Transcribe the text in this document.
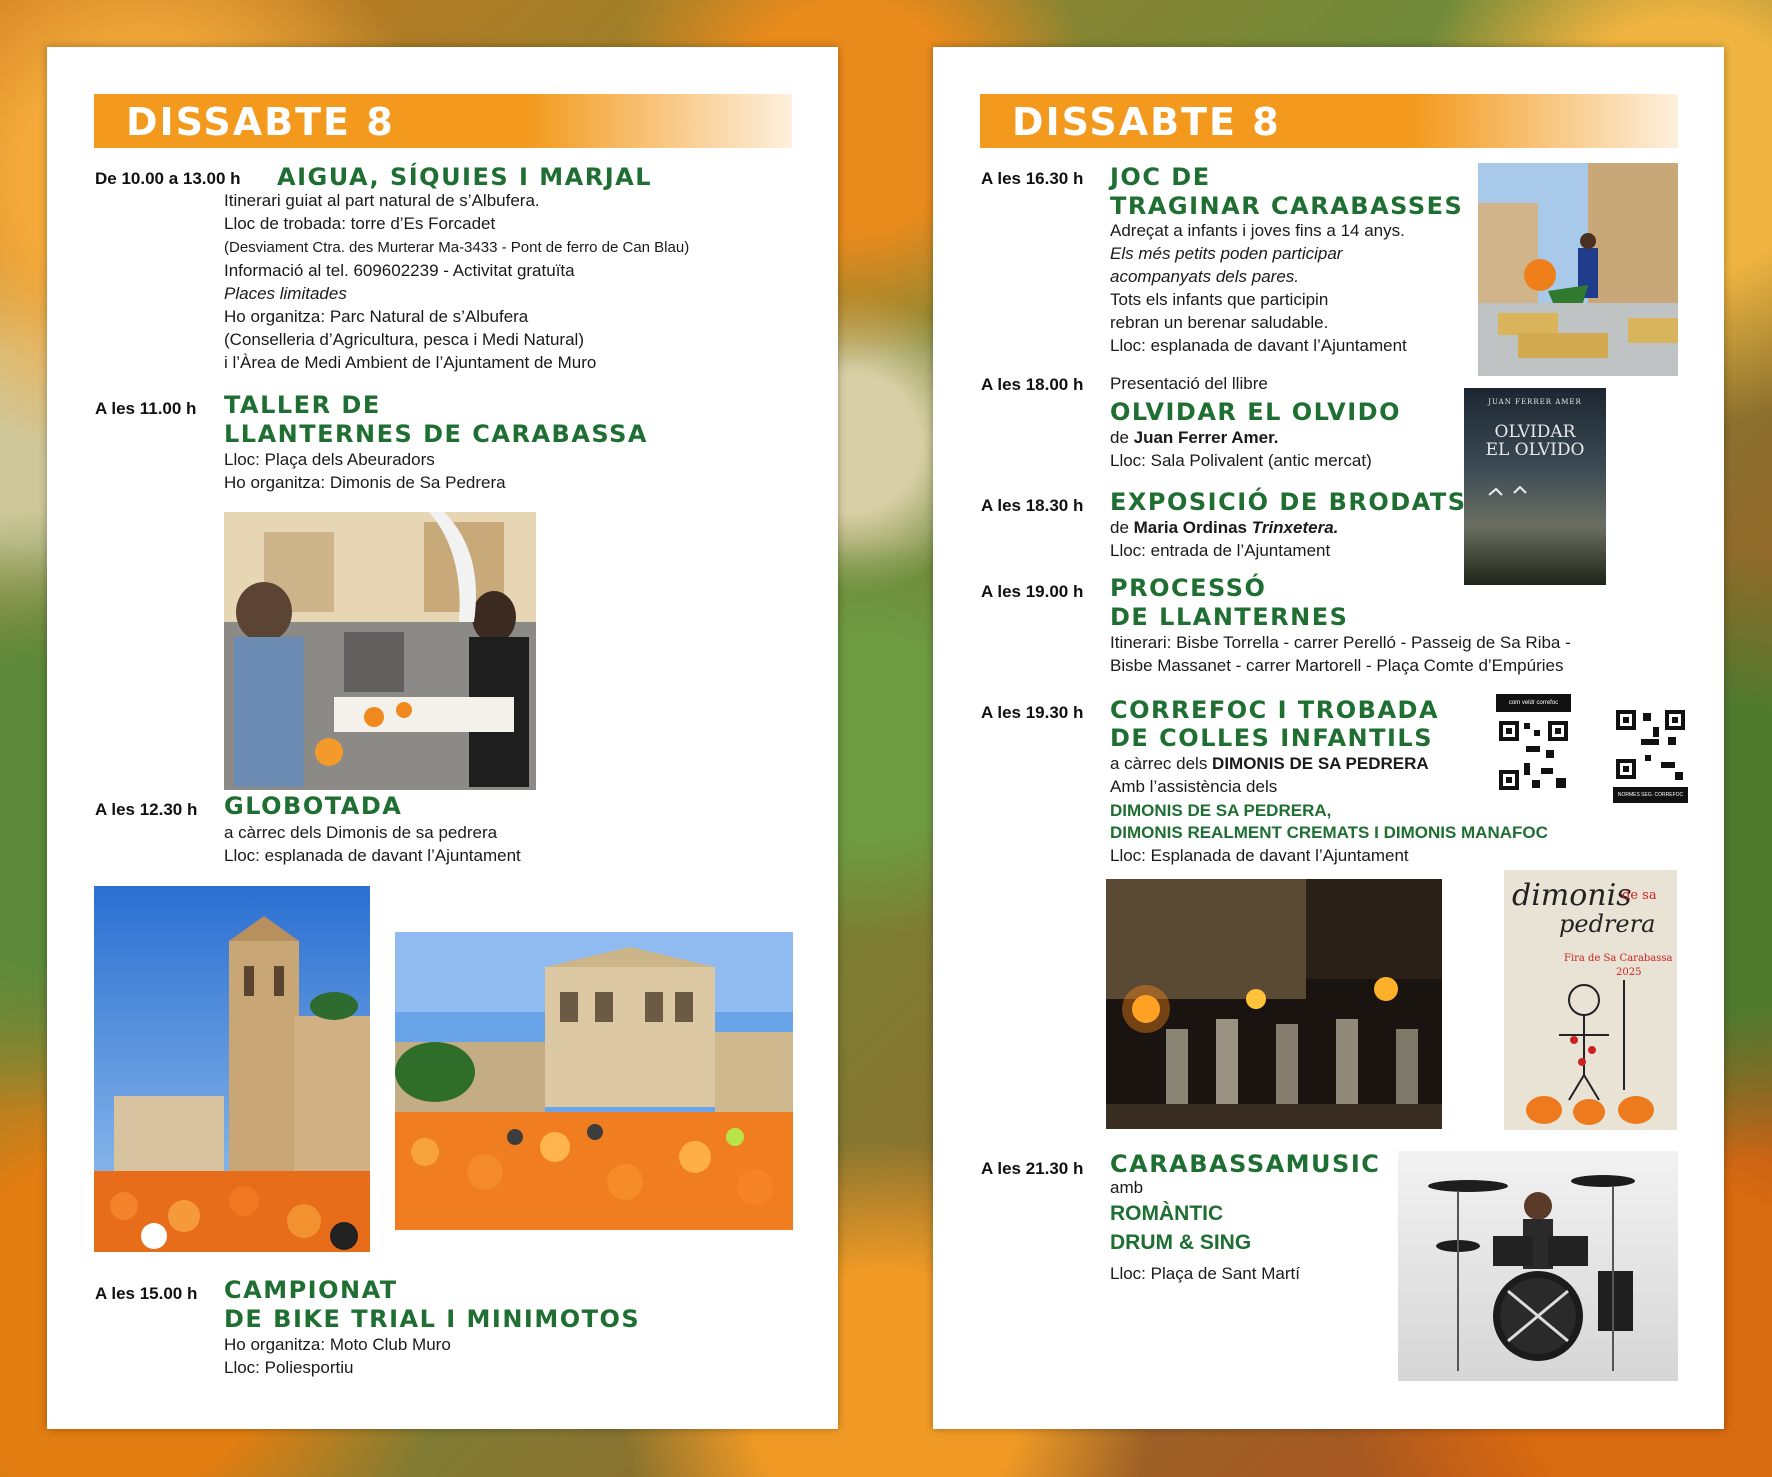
DISSABTE 8
De 10.00 a 13.00 h AIGUA, SÍQUIES I MARJAL
Itinerari guiat al part natural de s’Albufera.
Lloc de trobada: torre d’Es Forcadet
(Desviament Ctra. des Murterar Ma-3433 - Pont de ferro de Can Blau)
Informació al tel. 609602239 - Activitat gratuïta
Places limitades
Ho organitza: Parc Natural de s’Albufera
(Conselleria d’Agricultura, pesca i Medi Natural)
i l’Àrea de Medi Ambient de l’Ajuntament de Muro
A les 11.00 h TALLER DE
LLANTERNES DE CARABASSA
Lloc: Plaça dels Abeuradors
Ho organitza: Dimonis de Sa Pedrera
A les 12.30 h GLOBOTADA
a càrrec dels Dimonis de sa pedrera
Lloc: esplanada de davant l’Ajuntament
A les 15.00 h CAMPIONAT
DE BIKE TRIAL I MINIMOTOS
Ho organitza: Moto Club Muro
Lloc: Poliesportiu
DISSABTE 8
A les 16.30 h JOC DE
TRAGINAR CARABASSES
Adreçat a infants i joves fins a 14 anys.
Els més petits poden participar
acompanyats dels pares.
Tots els infants que participin
rebran un berenar saludable.
Lloc: esplanada de davant l’Ajuntament
A les 18.00 h Presentació del llibre
OLVIDAR EL OLVIDO
de Juan Ferrer Amer.
Lloc: Sala Polivalent (antic mercat)
JUAN FERRER AMER
OLVIDAR
EL OLVIDO
A les 18.30 h EXPOSICIÓ DE BRODATS
de Maria Ordinas Trinxetera.
Lloc: entrada de l’Ajuntament
A les 19.00 h PROCESSÓ
DE LLANTERNES
Itinerari: Bisbe Torrella - carrer Perelló - Passeig de Sa Riba -
Bisbe Massanet - carrer Martorell - Plaça Comte d’Empúries
A les 19.30 h CORREFOC I TROBADA
DE COLLES INFANTILS
a càrrec dels DIMONIS DE SA PEDRERA
Amb l’assistència dels
DIMONIS DE SA PEDRERA,
DIMONIS REALMENT CREMATS I DIMONIS MANAFOC
Lloc: Esplanada de davant l’Ajuntament
com veldr correfoc
NORMES SEG. CORREFOC
dimonis
de sa
pedrera
Fira de Sa Carabassa
2025
A les 21.30 h CARABASSAMUSIC
amb
ROMÀNTIC
DRUM & SING
Lloc: Plaça de Sant Martí
